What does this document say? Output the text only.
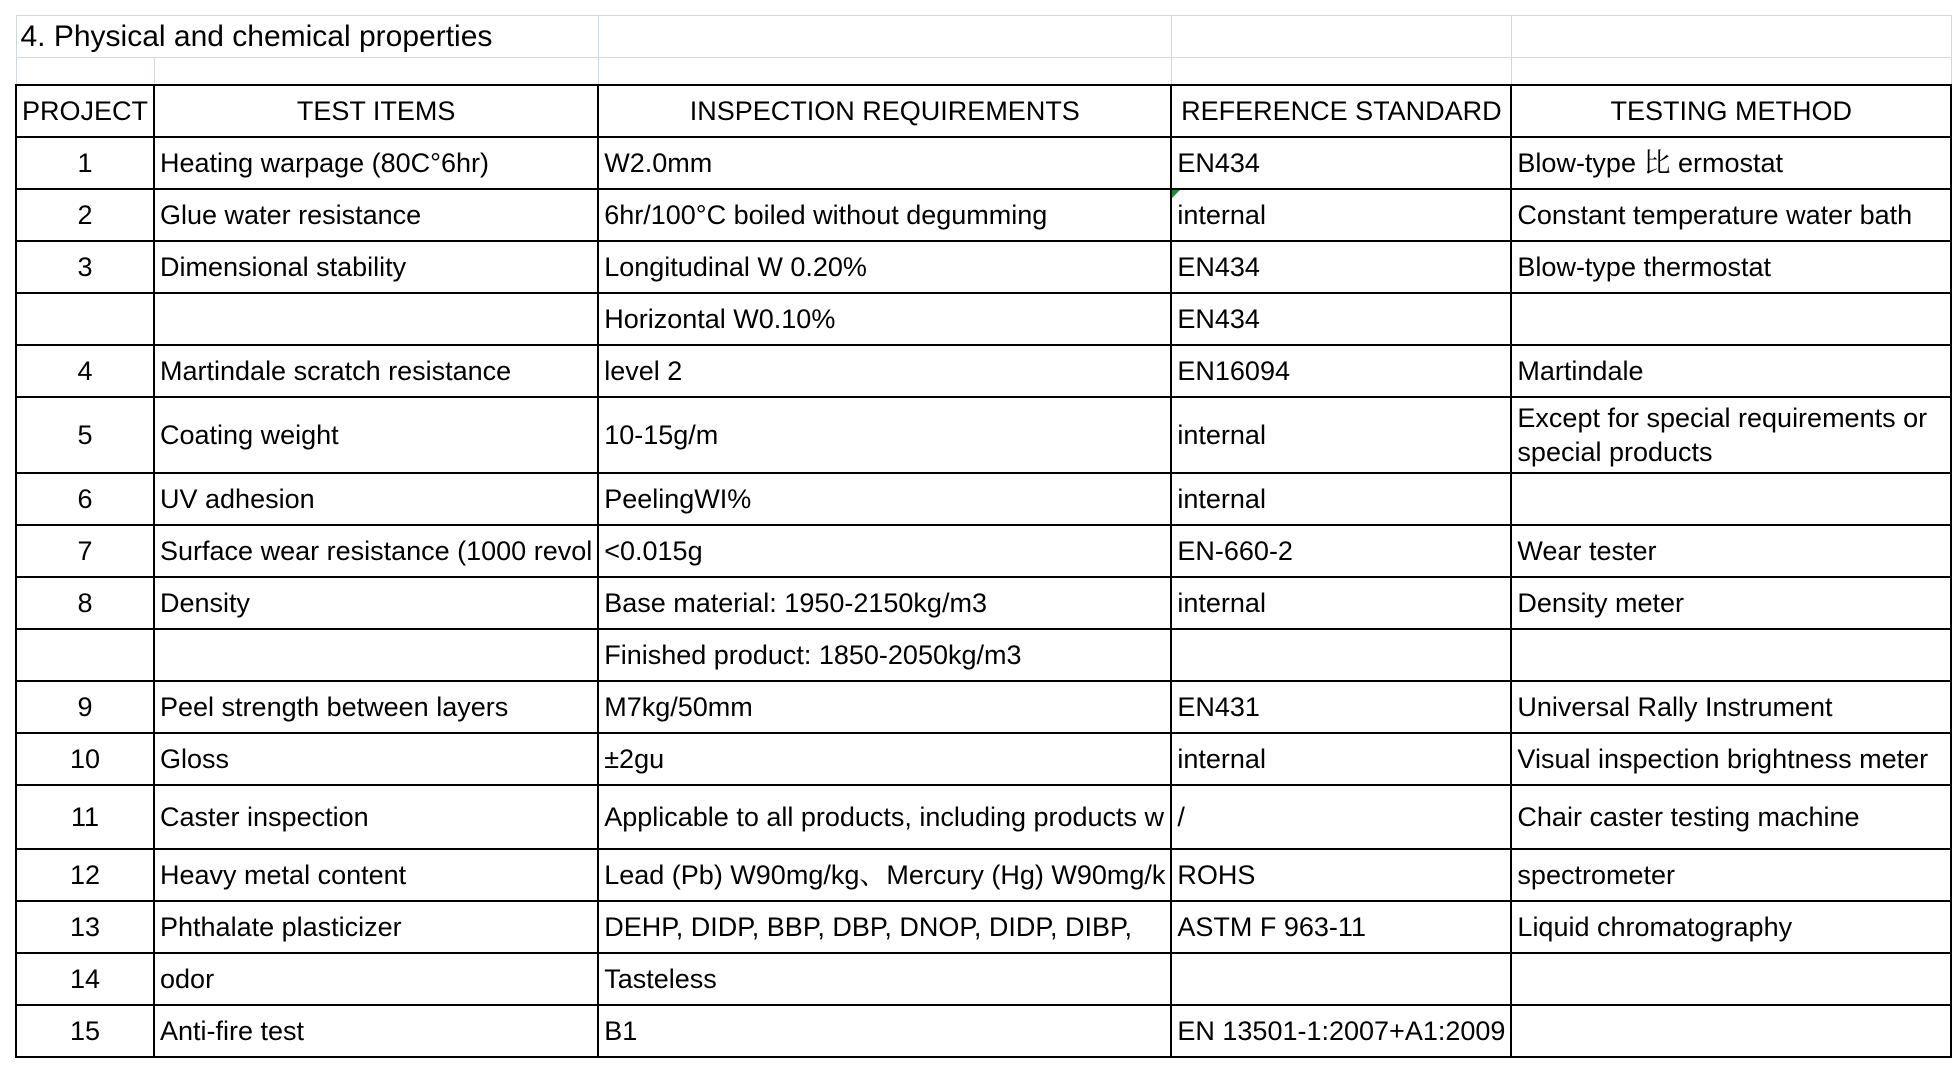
4. Physical and chemical properties				

PROJECT	TEST ITEMS	INSPECTION REQUIREMENTS	REFERENCE STANDARD	TESTING METHOD
1	Heating warpage (80C°6hr)	W2.0mm	EN434	Blow-type 比 ermostat
2	Glue water resistance	6hr/100°C boiled without degumming	internal	Constant temperature water bath
3	Dimensional stability	Longitudinal W 0.20%	EN434	Blow-type thermostat
		Horizontal W0.10%	EN434	
4	Martindale scratch resistance	level 2	EN16094	Martindale
5	Coating weight	10-15g/m	internal	Except for special requirements or special products
6	UV adhesion	PeelingWI%	internal	
7	Surface wear resistance (1000 revol	<0.015g	EN-660-2	Wear tester
8	Density	Base material: 1950-2150kg/m3	internal	Density meter
		Finished product: 1850-2050kg/m3		
9	Peel strength between layers	M7kg/50mm	EN431	Universal Rally Instrument
10	Gloss	±2gu	internal	Visual inspection brightness meter
11	Caster inspection	Applicable to all products, including products w	/	Chair caster testing machine
12	Heavy metal content	Lead (Pb) W90mg/kg、Mercury (Hg) W90mg/k	ROHS	spectrometer
13	Phthalate plasticizer	DEHP, DIDP, BBP, DBP, DNOP, DIDP, DIBP,	ASTM F 963-11	Liquid chromatography
14	odor	Tasteless		
15	Anti-fire test	B1	EN 13501-1:2007+A1:2009	
